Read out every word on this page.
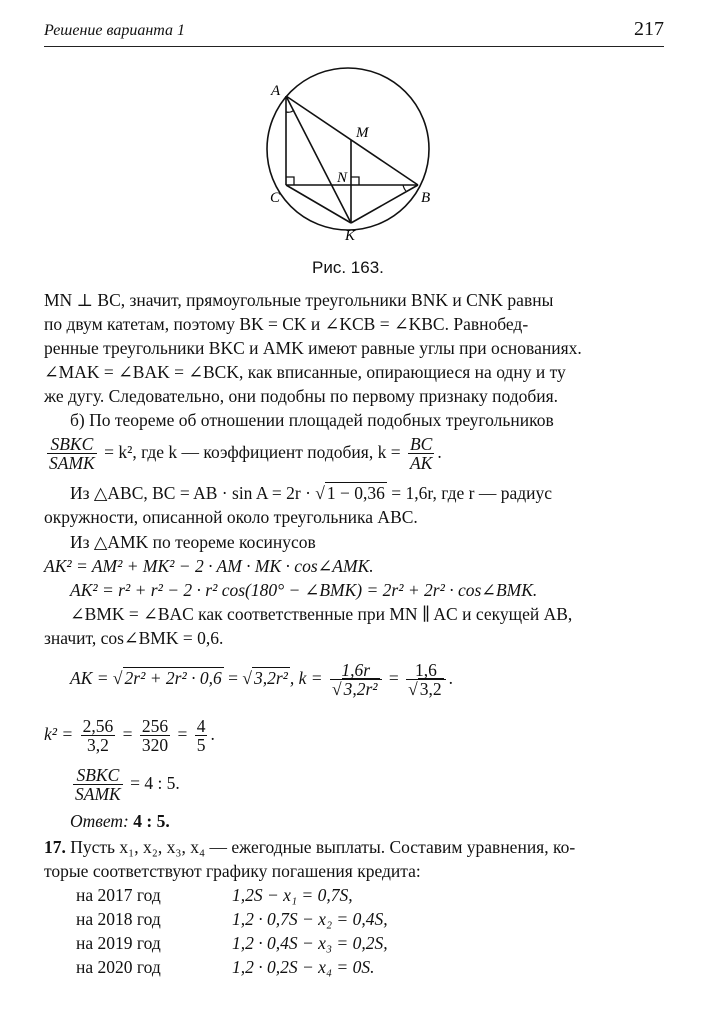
Решение варианта 1	217
A
M
N
C	B
K
Рис. 163.
MN ⊥ BC, значит, прямоугольные треугольники BNK и CNK равны
по двум катетам, поэтому BK = CK и ∠KCB = ∠KBC. Равнобед-
ренные треугольники BKC и AMK имеют равные углы при основаниях.
∠MAK = ∠BAK = ∠BCK, как вписанные, опирающиеся на одну и ту
же дугу. Следовательно, они подобны по первому признаку подобия.
б) По теореме об отношении площадей подобных треугольников
$\frac{\text{SBKC}}{\text{SAMK}} = k^2$, где k — коэффициент подобия, $k = \frac{BC}{AK}$ .
Из △ABC, BC = AB · sin A = 2r · √ 1 − 0,36 = 1,6r, где r — радиус
окружности, описанной около треугольника ABC.
Из △AMK по теореме косинусов
AK² = AM² + MK² − 2 · AM · MK · cos∠AMK.
AK² = r² + r² − 2 · r² cos(180° − ∠BMK) = 2r² + 2r² · cos∠BMK.
∠BMK = ∠BAC как соответственные при MN ∥ AC и секущей AB,
значит, cos∠BMK = 0,6.
AK = √ 2r² + 2r² · 0,6 = √ 3,2r² , $k = \frac{1,6r}{\text{√ 3,2r²}} = \frac{1,6}{√ 3,2}$ .
$k^2 = \frac{2,56}{3,2} = \frac{256}{320} = \frac{4}{5}$ .
$\frac{\text{SBKC}}{\text{SAMK}} = 4$ : 5.
Ответ: 4 : 5.
17. Пусть x₁, x₂, x₃, x₄ — ежегодные выплаты. Составим уравнения, ко-
торые соответствуют графику погашения кредита:
на 2017 год	1,2S − x₁ = 0,7S,
на 2018 год	1,2 · 0,7S − x₂ = 0,4S,
на 2019 год	1,2 · 0,4S − x₃ = 0,2S,
на 2020 год	1,2 · 0,2S − x₄ = 0S.
